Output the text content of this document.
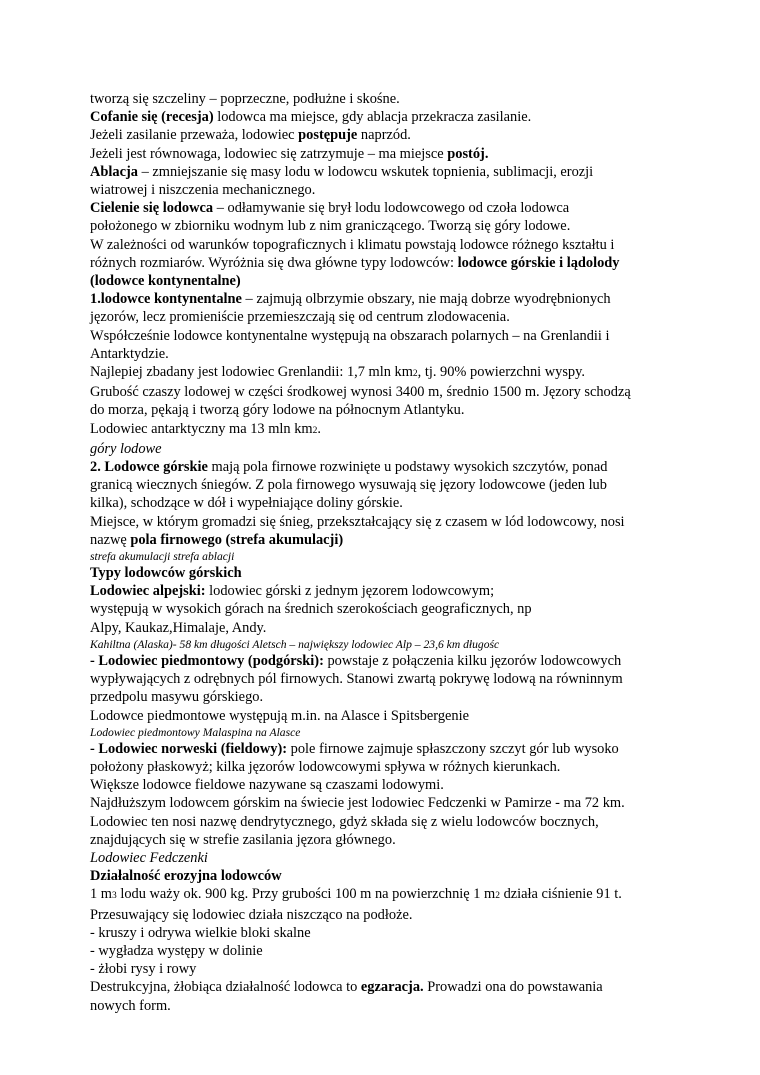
tworzą się szczeliny – poprzeczne, podłużne i skośne.

Cofanie się (recesja) lodowca ma miejsce, gdy ablacja przekracza zasilanie.

Jeżeli zasilanie przeważa, lodowiec postępuje naprzód.

Jeżeli jest równowaga, lodowiec się zatrzymuje – ma miejsce postój.

Ablacja – zmniejszanie się masy lodu w lodowcu wskutek topnienia, sublimacji, erozji

wiatrowej i niszczenia mechanicznego.

Cielenie się lodowca – odłamywanie się brył lodu lodowcowego od czoła lodowca

położonego w zbiorniku wodnym lub z nim graniczącego. Tworzą się góry lodowe.

W zależności od warunków topograficznych i klimatu powstają lodowce różnego kształtu i

różnych rozmiarów. Wyróżnia się dwa główne typy lodowców: lodowce górskie i lądolody

(lodowce kontynentalne)

1.lodowce kontynentalne – zajmują olbrzymie obszary, nie mają dobrze wyodrębnionych

jęzorów, lecz promieniście przemieszczają się od centrum zlodowacenia.

Współcześnie lodowce kontynentalne występują na obszarach polarnych – na Grenlandii i

Antarktydzie.

Najlepiej zbadany jest lodowiec Grenlandii: 1,7 mln km2, tj. 90% powierzchni wyspy.

Grubość czaszy lodowej w części środkowej wynosi 3400 m, średnio 1500 m. Jęzory schodzą

do morza, pękają i tworzą góry lodowe na północnym Atlantyku.

Lodowiec antarktyczny ma 13 mln km2.

góry lodowe

2. Lodowce górskie mają pola firnowe rozwinięte u podstawy wysokich szczytów, ponad

granicą wiecznych śniegów. Z pola firnowego wysuwają się jęzory lodowcowe (jeden lub

kilka), schodzące w dół i wypełniające doliny górskie.

Miejsce, w którym gromadzi się śnieg, przekształcający się z czasem w lód lodowcowy, nosi

nazwę pola firnowego (strefa akumulacji)

strefa akumulacji strefa ablacji

Typy lodowców górskich

Lodowiec alpejski: lodowiec górski z jednym jęzorem lodowcowym;

występują w wysokich górach na średnich szerokościach geograficznych, np

Alpy, Kaukaz,Himalaje, Andy.

Kahiltna (Alaska)- 58 km długości Aletsch – największy lodowiec Alp – 23,6 km długośc

- Lodowiec piedmontowy (podgórski): powstaje z połączenia kilku jęzorów lodowcowych

wypływających z odrębnych pól firnowych. Stanowi zwartą pokrywę lodową na równinnym

przedpolu masywu górskiego.

Lodowce piedmontowe występują m.in. na Alasce i Spitsbergenie

Lodowiec piedmontowy Malaspina na Alasce

- Lodowiec norweski (fieldowy): pole firnowe zajmuje spłaszczony szczyt gór lub wysoko

położony płaskowyż; kilka jęzorów lodowcowymi spływa w różnych kierunkach.

Większe lodowce fieldowe nazywane są czaszami lodowymi.

Najdłuższym lodowcem górskim na świecie jest lodowiec Fedczenki w Pamirze - ma 72 km.

Lodowiec ten nosi nazwę dendrytycznego, gdyż składa się z wielu lodowców bocznych,

znajdujących się w strefie zasilania jęzora głównego.

Lodowiec Fedczenki

Działalność erozyjna lodowców

1 m3 lodu waży ok. 900 kg. Przy grubości 100 m na powierzchnię 1 m2 działa ciśnienie 91 t.

Przesuwający się lodowiec działa niszcząco na podłoże.

- kruszy i odrywa wielkie bloki skalne

- wygładza występy w dolinie

- żłobi rysy i rowy

Destrukcyjna, żłobiąca działalność lodowca to egzaracja. Prowadzi ona do powstawania

nowych form.
